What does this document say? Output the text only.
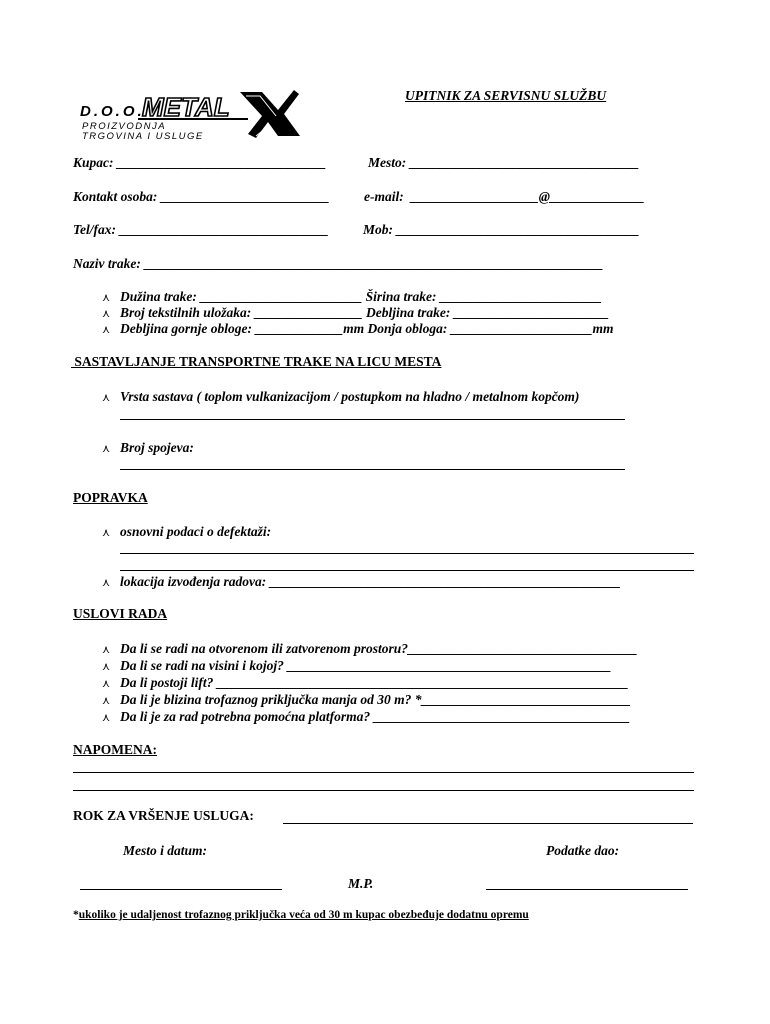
UPITNIK ZA SERVISNU SLUŽBU
D.O.O.
METAL
PROIZVODNJA
TRGOVINA I USLUGE
Kupac: _______________________________	Mesto: __________________________________
Kontakt osoba: _________________________	e-mail:  ___________________@______________
Tel/fax: _______________________________	Mob: ____________________________________
Naziv trake: ____________________________________________________________________
⋏ Dužina trake: ________________________ Širina trake: ________________________
⋏ Broj tekstilnih uložaka: ________________ Debljina trake: _______________________
⋏ Debljina gornje obloge: _____________mm Donja obloga: _____________________mm
SASTAVLJANJE TRANSPORTNE TRAKE NA LICU MESTA
⋏ Vrsta sastava ( toplom vulkanizacijom / postupkom na hladno / metalnom kopčom)
⋏ Broj spojeva:
POPRAVKA
⋏ osnovni podaci o defektaži:
⋏ lokacija izvođenja radova: ____________________________________________________
USLOVI RADA
⋏ Da li se radi na otvorenom ili zatvorenom prostoru?__________________________________
⋏ Da li se radi na visini i kojoj? ________________________________________________
⋏ Da li postoji lift? _____________________________________________________________
⋏ Da li je blizina trofaznog priključka manja od 30 m? *_______________________________
⋏ Da li je za rad potrebna pomoćna platforma? ______________________________________
NAPOMENA:
ROK ZA VRŠENJE USLUGA:
Mesto i datum:	Podatke dao:
M.P.
*ukoliko je udaljenost trofaznog priključka veća od 30 m kupac obezbeđuje dodatnu opremu
